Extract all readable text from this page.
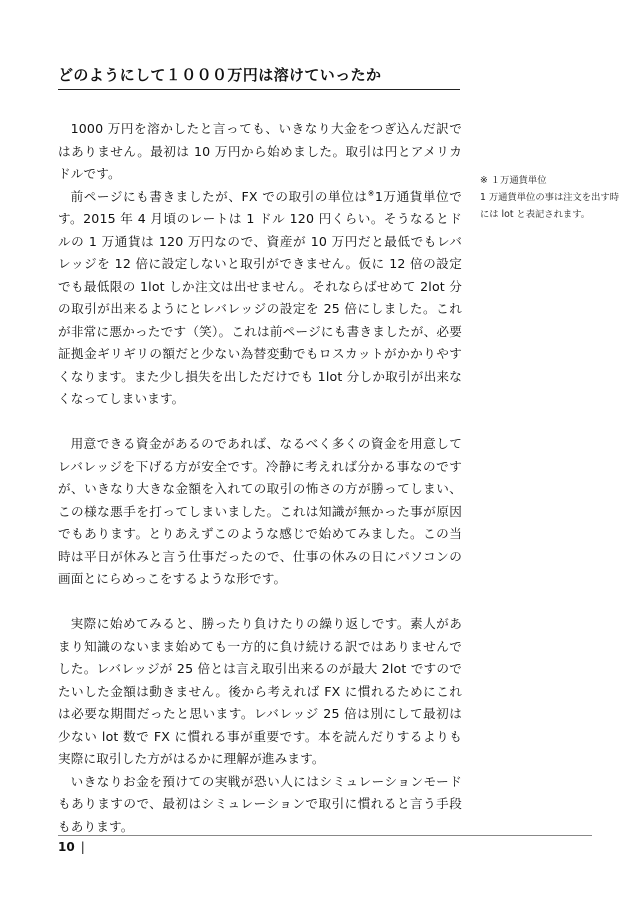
どのようにして１０００万円は溶けていったか

1000 万円を溶かしたと言っても、いきなり大金をつぎ込んだ訳ではありません。最初は 10 万円から始めました。取引は円とアメリカドルです。

前ページにも書きましたが、FX での取引の単位は※1万通貨単位です。2015 年 4 月頃のレートは 1 ドル 120 円くらい。そうなるとドルの 1 万通貨は 120 万円なので、資産が 10 万円だと最低でもレバレッジを 12 倍に設定しないと取引ができません。仮に 12 倍の設定でも最低限の 1lot しか注文は出せません。それならばせめて 2lot 分の取引が出来るようにとレバレッジの設定を 25 倍にしました。これが非常に悪かったです（笑）。これは前ページにも書きましたが、必要証拠金ギリギリの額だと少ない為替変動でもロスカットがかかりやすくなります。また少し損失を出しただけでも 1lot 分しか取引が出来なくなってしまいます。

用意できる資金があるのであれば、なるべく多くの資金を用意してレバレッジを下げる方が安全です。冷静に考えれば分かる事なのですが、いきなり大きな金額を入れての取引の怖さの方が勝ってしまい、この様な悪手を打ってしまいました。これは知識が無かった事が原因でもあります。とりあえずこのような感じで始めてみました。この当時は平日が休みと言う仕事だったので、仕事の休みの日にパソコンの画面とにらめっこをするような形です。

実際に始めてみると、勝ったり負けたりの繰り返しです。素人があまり知識のないまま始めても一方的に負け続ける訳ではありませんでした。レバレッジが 25 倍とは言え取引出来るのが最大 2lot ですのでたいした金額は動きません。後から考えれば FX に慣れるためにこれは必要な期間だったと思います。レバレッジ 25 倍は別にして最初は少ない lot 数で FX に慣れる事が重要です。本を読んだりするよりも実際に取引した方がはるかに理解が進みます。

いきなりお金を預けての実戦が恐い人にはシミュレーションモードもありますので、最初はシミュレーションで取引に慣れると言う手段もあります。

※ １万通貨単位
1 万通貨単位の事は注文を出す時には lot と表記されます。
10 |
